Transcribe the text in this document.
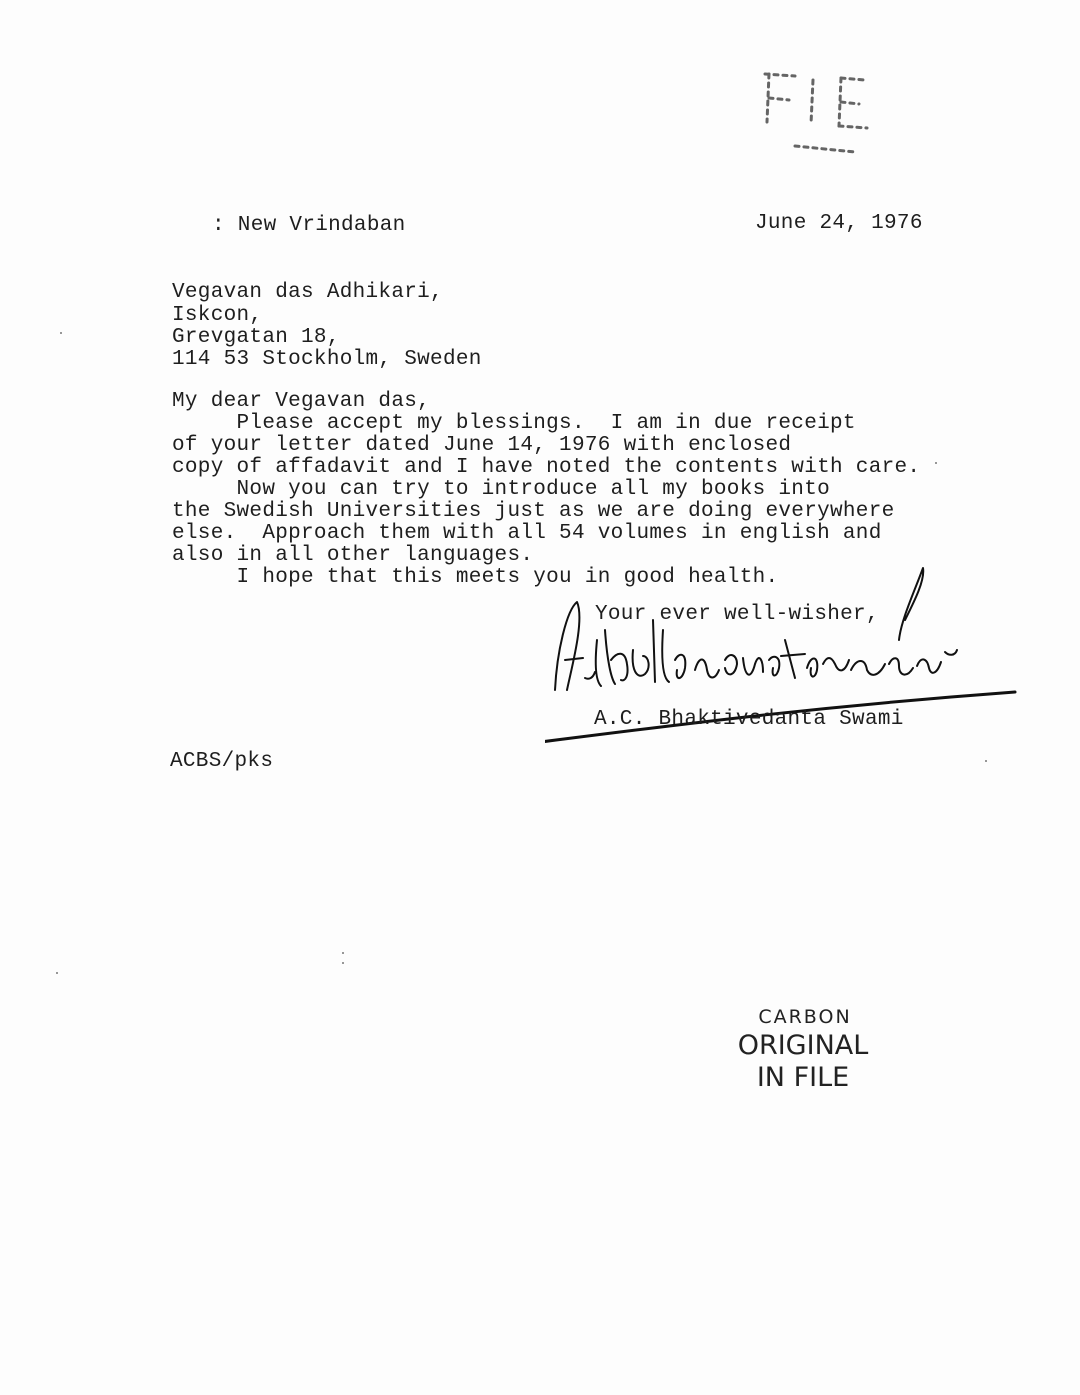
: New Vrindaban	June 24, 1976
Vegavan das Adhikari,
Iskcon,
Grevgatan 18,
114 53 Stockholm, Sweden
My dear Vegavan das,
Please accept my blessings.  I am in due receipt
of your letter dated June 14, 1976 with enclosed
copy of affadavit and I have noted the contents with care.
Now you can try to introduce all my books into
the Swedish Universities just as we are doing everywhere
else.  Approach them with all 54 volumes in english and
also in all other languages.
I hope that this meets you in good health.
Your ever well-wisher,
A.C. Bhaktivedanta Swami
ACBS/pks
CARBON
ORIGINAL
IN FILE
